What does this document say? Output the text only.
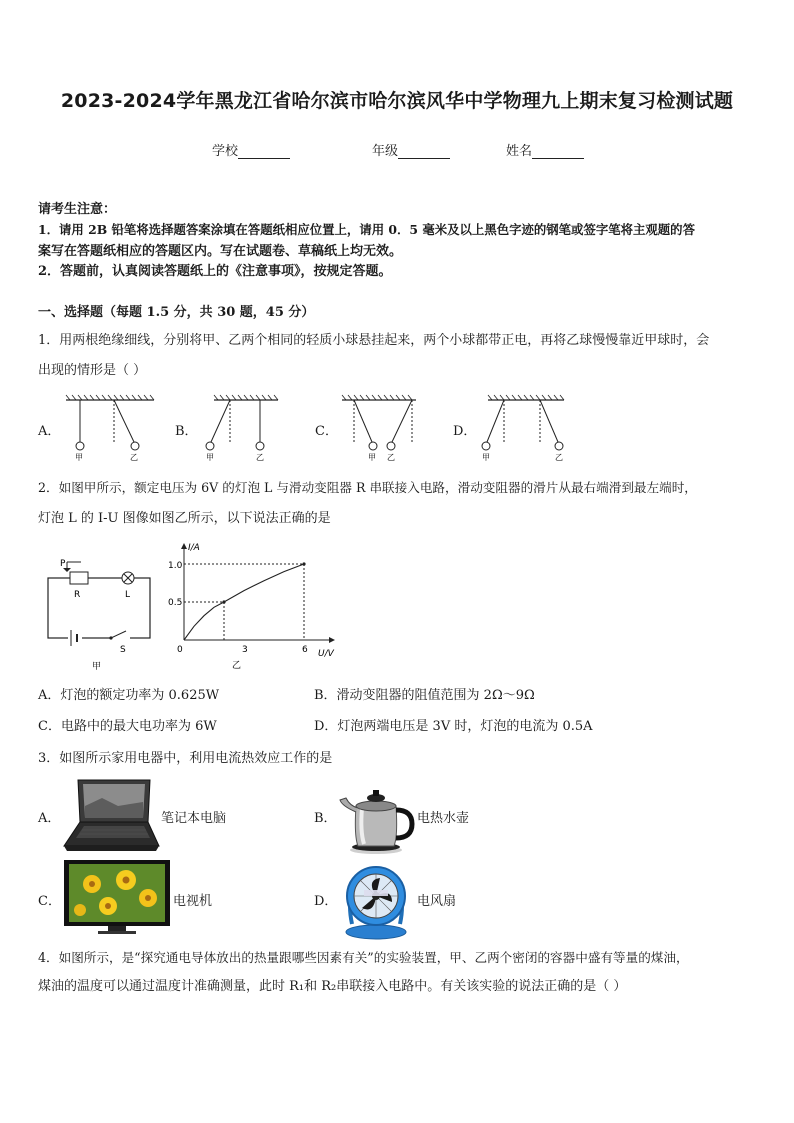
2023-2024学年黑龙江省哈尔滨市哈尔滨风华中学物理九上期末复习检测试题
学校	年级	姓名
请考生注意：
1．请用 2B 铅笔将选择题答案涂填在答题纸相应位置上，请用 0．5 毫米及以上黑色字迹的钢笔或签字笔将主观题的答
案写在答题纸相应的答题区内。写在试题卷、草稿纸上均无效。
2．答题前，认真阅读答题纸上的《注意事项》，按规定答题。
一、选择题（每题 1.5 分，共 30 题，45 分）
1．用两根绝缘细线，分别将甲、乙两个相同的轻质小球悬挂起来，两个小球都带正电，再将乙球慢慢靠近甲球时，会
出现的情形是（ ）
A．
甲	乙
B．
甲	乙
C．
甲 乙
D．
甲	乙
2．如图甲所示，额定电压为 6V 的灯泡 L 与滑动变阻器 R 串联接入电路，滑动变阻器的滑片从最右端滑到最左端时，
灯泡 L 的 I-U 图像如图乙所示，以下说法正确的是
P
R	L
S
甲
I/A
U/V
1.0
0.5
0	3	6
乙
A．灯泡的额定功率为 0.625W	B．滑动变阻器的阻值范围为 2Ω～9Ω
C．电路中的最大电功率为 6W	D．灯泡两端电压是 3V 时，灯泡的电流为 0.5A
3．如图所示家用电器中，利用电流热效应工作的是
A．	笔记本电脑	B．	电热水壶
C．	电视机	D．	电风扇
4．如图所示，是“探究通电导体放出的热量跟哪些因素有关”的实验装置，甲、乙两个密闭的容器中盛有等量的煤油，
煤油的温度可以通过温度计准确测量，此时 R₁和 R₂串联接入电路中。有关该实验的说法正确的是（ ）
